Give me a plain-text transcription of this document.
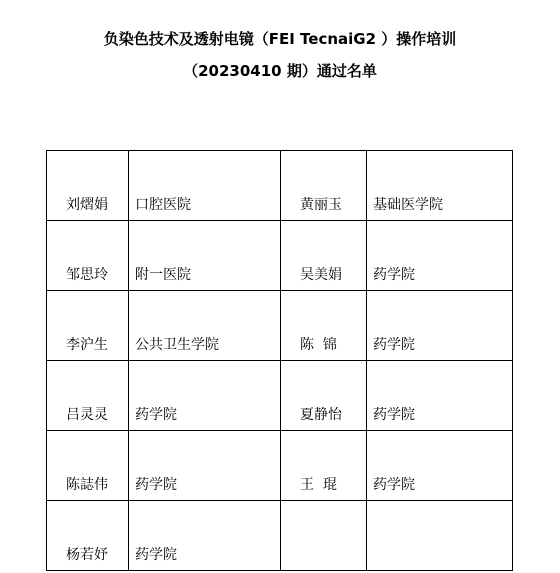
负染色技术及透射电镜（FEI TecnaiG2 ）操作培训
（20230410 期）通过名单
刘熠娟	口腔医院	黄丽玉	基础医学院
邹思玲	附一医院	吴美娟	药学院
李沪生	公共卫生学院	陈  锦	药学院
吕灵灵	药学院	夏静怡	药学院
陈誌伟	药学院	王  琨	药学院
杨若妤	药学院		
